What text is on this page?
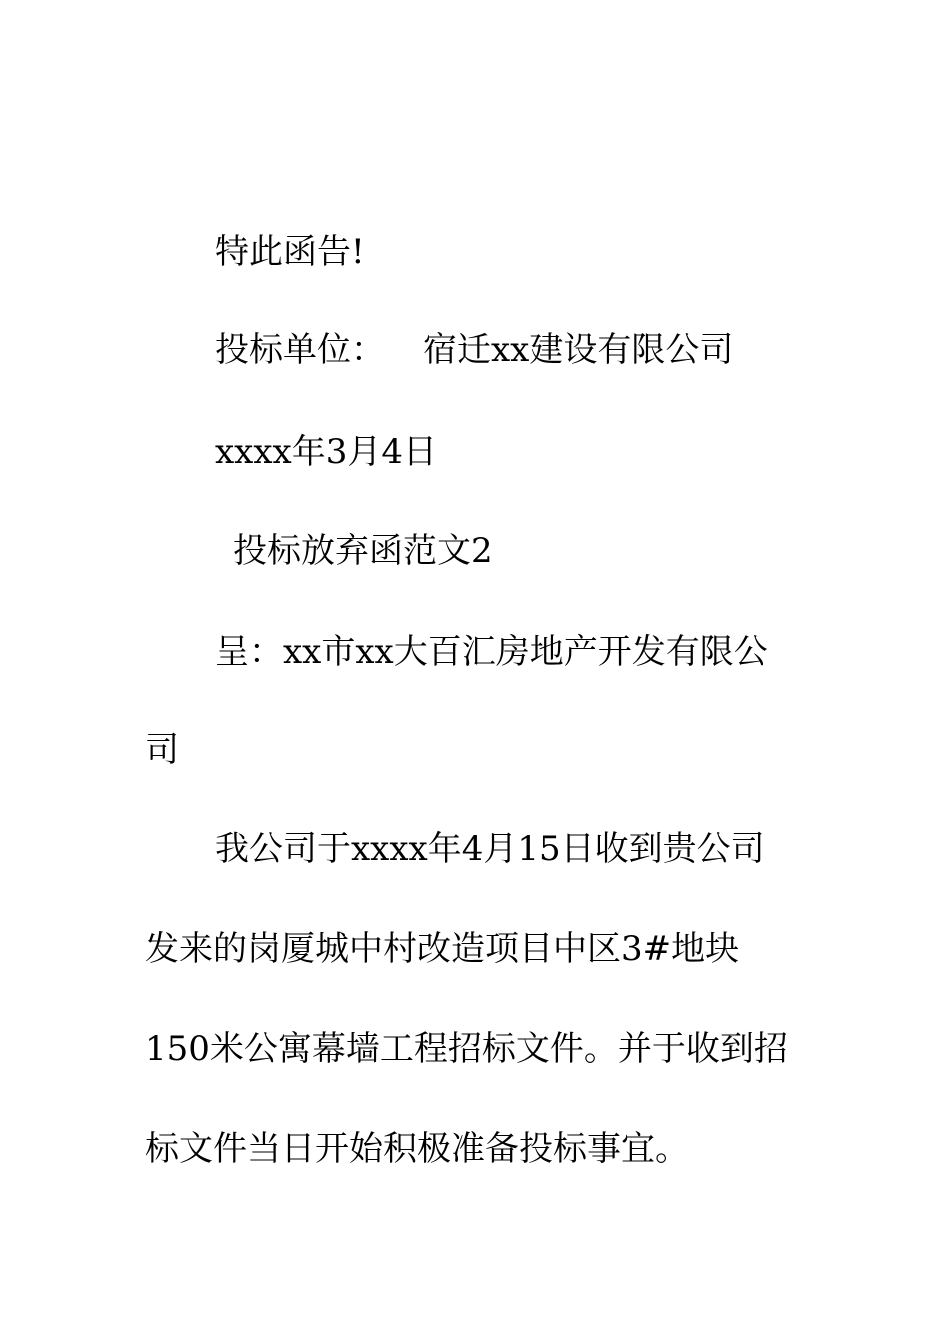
特此函告!
投标单位： 宿迁xx建设有限公司
xxxx年3月4日
投标放弃函范文2
呈：xx市xx大百汇房地产开发有限公
司
我公司于xxxx年4月15日收到贵公司
发来的岗厦城中村改造项目中区3#地块
150米公寓幕墙工程招标文件。并于收到招
标文件当日开始积极准备投标事宜。
